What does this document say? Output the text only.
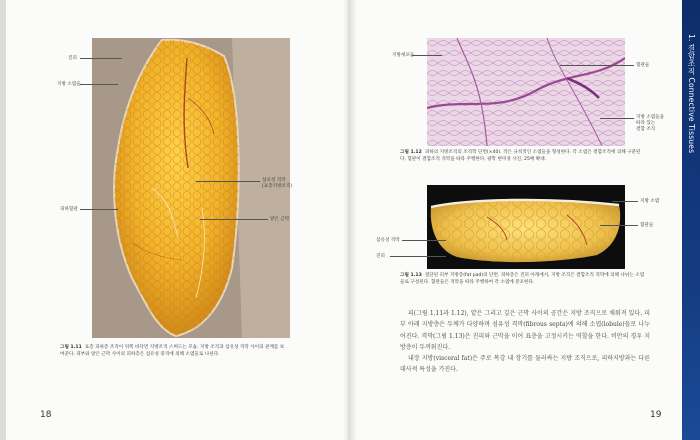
진피
지방 소엽들
섬유성 격막
(표층지방조직)
피하혈관
얕은 근막
그림 1.11 표층 피하층 조직이 뒤쪽 바닥면 지방조직 스며드는 모습. 지방 조직과 섬유성 격막 사이의 관계를 보여준다. 피부와 얕은 근막 사이의 피하층은 섬유성 중격에 의해 소엽들로 나뉜다.
18
1. 결합조직 Connective Tissues
지방세포들
혈관들
지방 소엽들을
따라 있는
결합 조직
그림 1.12 피하의 지방조직의 조직학 단면(×40). 작은 규칙적인 소엽들을 형성한다. 각 소엽은 결합조직에 의해 구분된다. 혈관이 결합조직 격막을 따라 주행한다. 광학 현미경 사진, 25배 확대.
지방 소엽
혈관들
섬유성 격막
진피
그림 1.13 절단된 피부 지방층(fat pad)의 단면. 피하층은 진피 아래에서, 지방 조직은 결합조직 격막에 의해 나뉘는 소엽들로 구성된다. 혈관들은 격막을 따라 주행하여 각 소엽에 분포한다.

피(그림 1.11과 1.12), 얕은 그리고 깊은 근막 사이의 공간은 지방 조직으로 채워져 있다. 피부 아래 지방층은 두께가 다양하며 섬유성 격막(fibrous septa)에 의해 소엽(lobule)들로 나누어진다. 격막(그림 1.13)은 진피와 근막을 이어 표층을 고정시키는 역할을 한다. 비만의 경우 지방층이 두꺼워진다.

내장 지방(visceral fat)은 주로 복강 내 장기를 둘러싸는 지방 조직으로, 피하지방과는 다른 대사적 특성을 가진다.

19
